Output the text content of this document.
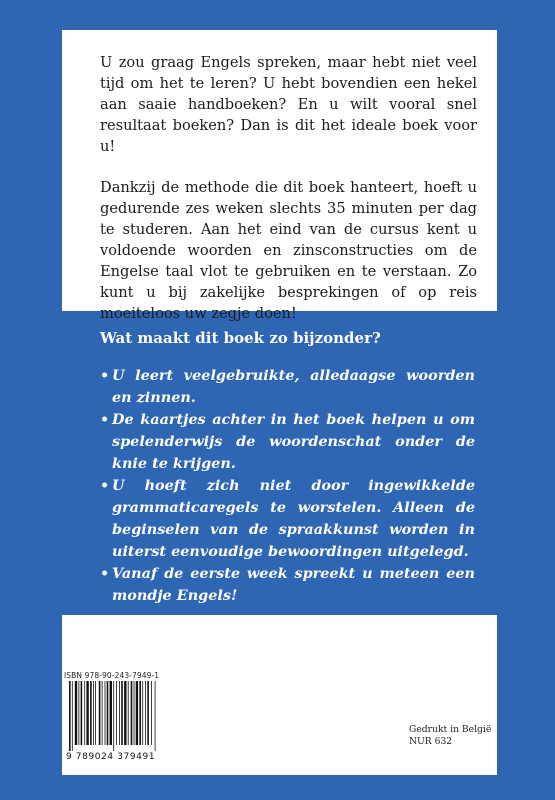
U zou graag Engels spreken, maar hebt niet veel tijd om het te leren? U hebt bovendien een hekel aan saaie handboeken? En u wilt vooral snel resultaat boeken? Dan is dit het ideale boek voor u!

Dankzij de methode die dit boek hanteert, hoeft u gedurende zes weken slechts 35 minuten per dag te studeren. Aan het eind van de cursus kent u voldoende woorden en zinsconstructies om de Engelse taal vlot te gebruiken en te verstaan. Zo kunt u bij zakelijke besprekingen of op reis moeiteloos uw zegje doen!

Wat maakt dit boek zo bijzonder?
• U leert veelgebruikte, alledaagse woorden en zinnen.
• De kaartjes achter in het boek helpen u om spelenderwijs de woordenschat onder de knie te krijgen.
• U hoeft zich niet door ingewikkelde grammaticaregels te worstelen. Alleen de beginselen van de spraakkunst worden in uiterst eenvoudige bewoordingen uitgelegd.
• Vanaf de eerste week spreekt u meteen een mondje Engels!
ISBN 978-90-243-7949-1
9 789024 379491
Gedrukt in België
NUR 632
